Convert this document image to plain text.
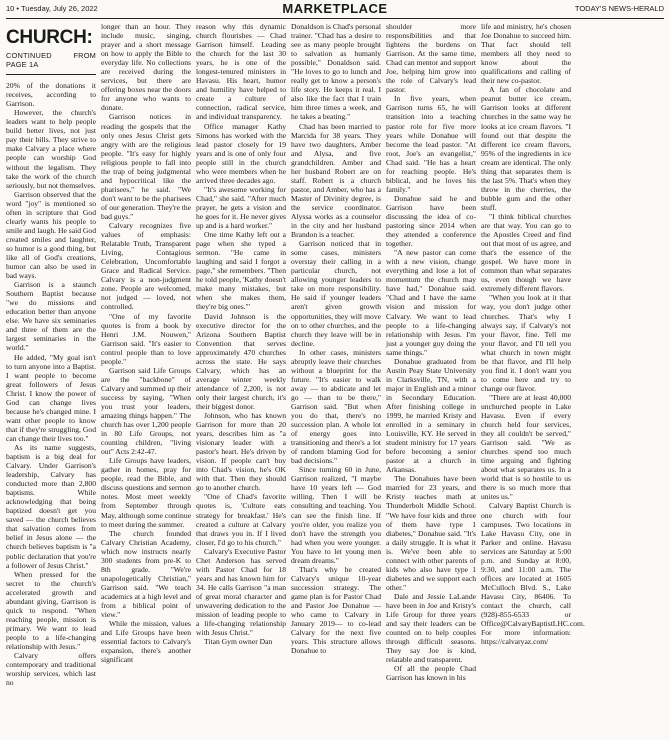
10 • Tuesday, July 26, 2022	MARKETPLACE	TODAY'S NEWS-HERALD
CHURCH:
CONTINUED FROM PAGE 1A

20% of the donations it receives, according to Garrison.

However, the church's leaders want to help people build better lives, not just pay their bills. They strive to make Calvary a place where people can worship God without the legalism. They take the work of the church seriously, but not themselves.

Garrison observed that the word "joy" is mentioned so often in scripture that God clearly wants his people to smile and laugh. He said God created smiles and laughter, so humor is a good thing, but like all of God's creations, humor can also be used in bad ways.

Garrison is a staunch Southern Baptist because "we do missions and education better than anyone else. We have six seminaries and three of them are the largest seminaries in the world."

He added, "My goal isn't to turn anyone into a Baptist. I want people to become great followers of Jesus Christ. I know the power of God can change lives because he's changed mine. I want other people to know that if they're struggling, God can change their lives too."

As its name suggests, baptism is a big deal for Calvary. Under Garrison's leadership, Calvary has conducted more than 2,800 baptisms. While acknowledging that being baptized doesn't get you saved — the church believes that salvation comes from belief in Jesus alone — the church believes baptism is "a public declaration that you're a follower of Jesus Christ."

When pressed for the secret to the church's accelerated growth and abundant giving, Garrison is quick to respond. "When reaching people, mission is primary. We want to lead people to a life-changing relationship with Jesus."

Calvary offers contemporary and traditional worship services, which last no

longer than an hour. They include music, singing, prayer and a short message on how to apply the Bible to everyday life. No collections are received during the services, but there are offering boxes near the doors for anyone who wants to donate.

Garrison notices in reading the gospels that the only ones Jesus Christ gets angry with are the religious people. "It's easy for highly religious people to fall into the trap of being judgmental and hypocritical like the pharisees," he said. "We don't want to be the pharisees of our generation. They're the bad guys."

Calvary recognizes five values of emphasis: Relatable Truth, Transparent Living, Contagious Celebration, Uncomfortable Grace and Radical Service. Calvary is a non-judgment zone. People are welcomed, not judged — loved, not controlled.

"One of my favorite quotes is from a book by Henri J.M. Nouwen," Garrison said. "It's easier to control people than to love people."

Garrison said Life Groups are the "backbone" of Calvary and summed up their success by saying, "When you trust your leaders, amazing things happen." The church has over 1,200 people in 80 Life Groups, not counting children, "living out" Acts 2:42-47.

Life Groups have leaders, gather in homes, pray for people, read the Bible, and discuss questions and sermon notes. Most meet weekly from September through May, although some continue to meet during the summer.

The church founded Calvary Christian Academy, which now instructs nearly 300 students from pre-K to 8th grade. "We're unapologetically Christian," Garrison said. "We teach academics at a high level and from a biblical point of view."

While the mission, values and Life Groups have been essential factors to Calvary's expansion, there's another significant

reason why this dynamic church flourishes — Chad Garrison himself. Leading the church for the last 30 years, he is one of the longest-tenured ministers in Havasu. His heart, humor and humility have helped to create a culture of connection, radical service, and individual transparency.

Office manager Kathy Simons has worked with the lead pastor closely for 19 years and is one of only four people still in the church who were members when he arrived three decades ago.

"It's awesome working for Chad," she said. "After much prayer, he gets a vision and he goes for it. He never gives up and is a hard worker."

One time Kathy left out a page when she typed a sermon. "He came in laughing and said I forgot a page," she remembers. "Then he told people, 'Kathy doesn't make many mistakes, but when she makes them, they're big ones.'"

David Johnson is the executive director for the Arizona Southern Baptist Convention that serves approximately 470 churches across the state. He says Calvary, which has an average winter weekly attendance of 2,200, is not only their largest church, it's their biggest donor.

Johnson, who has known Garrison for more than 20 years, describes him as "a visionary leader with a pastor's heart. He's driven by vision. If people can't buy into Chad's vision, he's OK with that. Then they should go to another church.

"One of Chad's favorite quotes is, 'Culture eats strategy for breakfast.' He's created a culture at Calvary that draws you in. If I lived closer, I'd go to his church."

Calvary's Executive Pastor Chet Anderson has served with Pastor Chad for 18 years and has known him for 34. He calls Garrison "a man of great moral character and unwavering dedication to the mission of leading people to a life-changing relationship with Jesus Christ."

Titan Gym owner Dan

Donaldson is Chad's personal trainer. "Chad has a desire to see as many people brought to salvation as humanly possible," Donaldson said. "He loves to go to lunch and really get to know a person's life story. He keeps it real. I also like the fact that I train him three times a week, and he takes a beating."

Chad has been married to Marcida for 38 years. They have two daughters, Amber and Alysa, and five grandchildren. Amber and her husband Robert are on staff. Robert is a church pastor, and Amber, who has a Master of Divinity degree, is the service coordinator. Alyssa works as a counselor in the city and her husband Brandon is a teacher.

Garrison noticed that in some cases, ministers overstay their calling in a particular church, not allowing younger leaders to take on more responsibility. He said if younger leaders aren't given growth opportunities, they will move on to other churches, and the church they leave will be in decline.

In other cases, ministers abruptly leave their churches without a blueprint for the future. "It's easier to walk away — to abdicate and let go — than to be there," Garrison said. "But when you do that, there's no succession plan. A whole lot of energy goes into transitioning and there's a lot of random blaming God for bad decisions."

Since turning 60 in June, Garrison realized, "I maybe have 10 years left — God willing. Then I will be consulting and teaching. You can see the finish line. If you're older, you realize you don't have the strength you had when you were younger. You have to let young men dream dreams."

That's why he created Calvary's unique 10-year succession strategy. The game plan is for Pastor Chad and Pastor Joe Donahue — who came to Calvary in January 2019— to co-lead Calvary for the next five years. This structure allows Donahue to

shoulder more responsibilities and that lightens the burdens on Garrison. At the same time, Chad can mentor and support Joe, helping him grow into the role of Calvary's lead pastor.

In five years, when Garrison turns 65, he will transition into a teaching pastor role for five more years while Donahue will become the lead pastor. "At root, Joe's an evangelist," Chad said. "He has a heart for reaching people. He's biblical, and he loves his family."

Donahue said he and Garrison have been discussing the idea of co-pastoring since 2014 when they attended a conference together.

"A new pastor can come with a new vision, change everything and lose a lot of momentum the church may have had," Donahue said. "Chad and I have the same vision and mission for Calvary. We want to lead people to a life-changing relationship with Jesus. I'm just a younger guy doing the same things."

Donahue graduated from Austin Peay State University in Clarksville, TN, with a major in English and a minor in Secondary Education. After finishing college in 1999, he married Kristy and enrolled in a seminary in Louisville, KY. He served in student ministry for 17 years before becoming a senior pastor at a church in Arkansas.

The Donahues have been married for 23 years, and Kristy teaches math at Thunderbolt Middle School. "We have four kids and three of them have type 1 diabetes," Donahue said. "It's a daily struggle. It is what it is. We've been able to connect with other parents of kids who also have type 1 diabetes and we support each other."

Dale and Jessie LaLande have been in Joe and Kristy's Life Group for three years and say their leaders can be counted on to help couples through difficult seasons. They say Joe is kind, relatable and transparent.

Of all the people Chad Garrison has known in his

life and ministry, he's chosen Joe Donahue to succeed him. That fact should tell members all they need to know about the qualifications and calling of their new co-pastor.

A fan of chocolate and peanut butter ice cream, Garrison looks at different churches in the same way he looks at ice cream flavors. "I found out that despite the different ice cream flavors, 95% of the ingredients in ice cream are identical. The only thing that separates them is the last 5%. That's when they throw in the cherries, the bubble gum and the other stuff.

"I think biblical churches are that way. You can go to the Apostles Creed and find out that most of us agree, and that's the essence of the gospel. We have more in common than what separates us, even though we have extremely different flavors.

"When you look at it that way, you don't judge other churches. That's why I always say, if Calvary's not your flavor, fine. Tell me your flavor, and I'll tell you what church in town might be that flavor, and I'll help you find it. I don't want you to come here and try to change our flavor.

"There are at least 40,000 unchurched people in Lake Havasu. Even if every church held four services, they all couldn't be served," Garrison said. "We as churches spend too much time arguing and fighting about what separates us. In a world that is so hostile to us there is so much more that unites us."

Calvary Baptist Church is one church with four campuses. Two locations in Lake Havasu City, one in Parker and online. Havasu services are Saturday at 5:00 p.m. and Sunday at 8:00, 9:30, and 11:00 a.m. The offices are located at 1605 McCulloch Blvd. S., Lake Havasu City, 86406. To contact the church, call (928)-855-6533 or Office@CalvaryBaptistLHC.com. For more information: https://calvaryaz.com/
